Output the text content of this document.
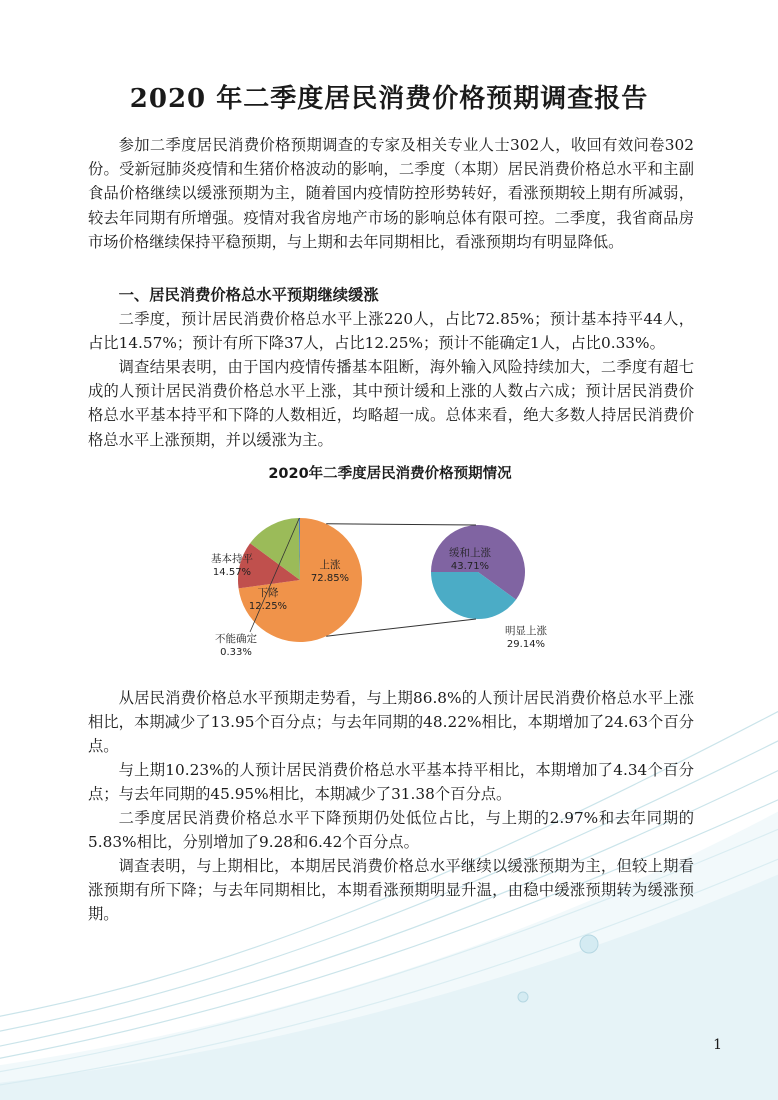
2020 年二季度居民消费价格预期调查报告

参加二季度居民消费价格预期调查的专家及相关专业人士302人，收回有效问卷302份。受新冠肺炎疫情和生猪价格波动的影响，二季度（本期）居民消费价格总水平和主副食品价格继续以缓涨预期为主，随着国内疫情防控形势转好，看涨预期较上期有所减弱，较去年同期有所增强。疫情对我省房地产市场的影响总体有限可控。二季度，我省商品房市场价格继续保持平稳预期，与上期和去年同期相比，看涨预期均有明显降低。

一、居民消费价格总水平预期继续缓涨

二季度，预计居民消费价格总水平上涨220人，占比72.85%；预计基本持平44人，占比14.57%；预计有所下降37人，占比12.25%；预计不能确定1人，占比0.33%。

调查结果表明，由于国内疫情传播基本阻断，海外输入风险持续加大，二季度有超七成的人预计居民消费价格总水平上涨，其中预计缓和上涨的人数占六成；预计居民消费价格总水平基本持平和下降的人数相近，均略超一成。总体来看，绝大多数人持居民消费价格总水平上涨预期，并以缓涨为主。

2020年二季度居民消费价格预期情况
上涨
72.85%
下降
12.25%
基本持平
14.57%
不能确定
0.33%
缓和上涨
43.71%
明显上涨
29.14%

从居民消费价格总水平预期走势看，与上期86.8%的人预计居民消费价格总水平上涨相比，本期减少了13.95个百分点；与去年同期的48.22%相比，本期增加了24.63个百分点。

与上期10.23%的人预计居民消费价格总水平基本持平相比，本期增加了4.34个百分点；与去年同期的45.95%相比，本期减少了31.38个百分点。

二季度居民消费价格总水平下降预期仍处低位占比，与上期的2.97%和去年同期的5.83%相比，分别增加了9.28和6.42个百分点。

调查表明，与上期相比，本期居民消费价格总水平继续以缓涨预期为主，但较上期看涨预期有所下降；与去年同期相比，本期看涨预期明显升温，由稳中缓涨预期转为缓涨预期。

1
